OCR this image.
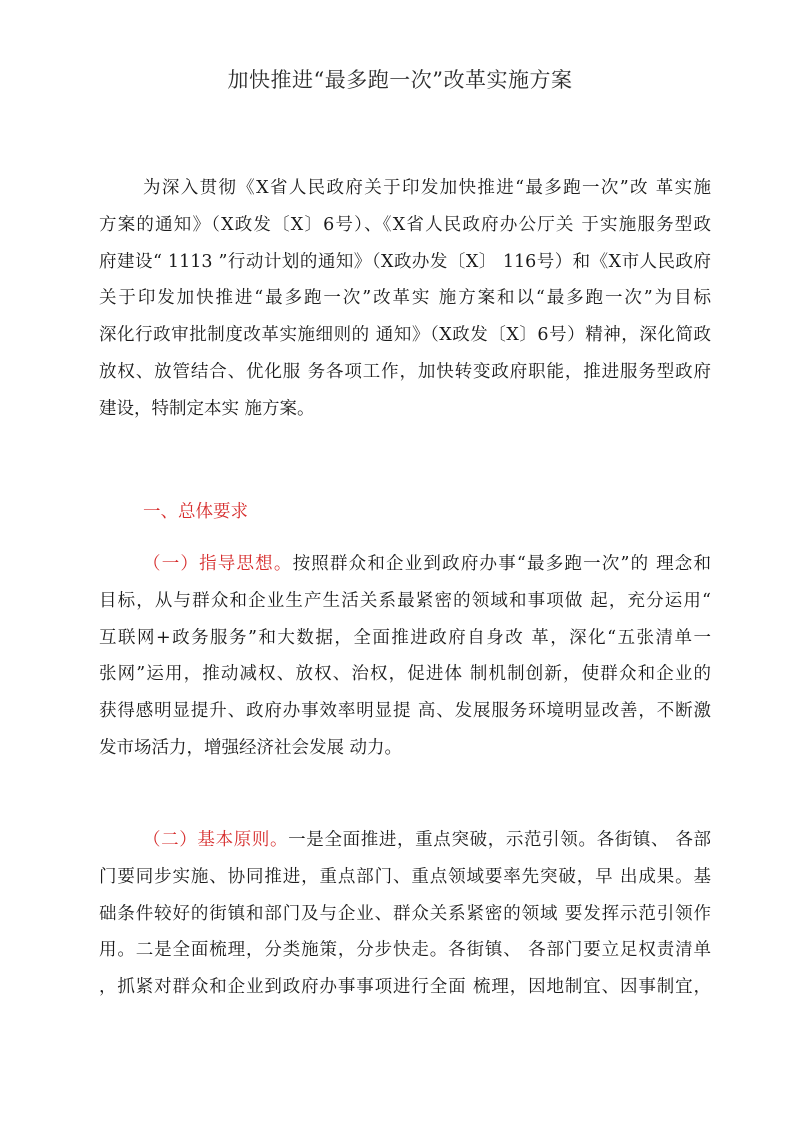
加快推进“最多跑一次”改革实施方案
为深入贯彻《X省人民政府关于印发加快推进“最多跑一次”改 革实施
方案的通知》（X政发〔X〕6号）、《X省人民政府办公厅关 于实施服务型政
府建设“ 1113 ”行动计划的通知》（X政办发〔X〕 116号）和《X市人民政府
关于印发加快推进“最多跑一次”改革实 施方案和以“最多跑一次”为目标
深化行政审批制度改革实施细则的 通知》（X政发〔X〕6号）精神，深化简政
放权、放管结合、优化服 务各项工作，加快转变政府职能，推进服务型政府
建设，特制定本实 施方案。
一、总体要求
（一）指导思想。按照群众和企业到政府办事“最多跑一次”的 理念和
目标，从与群众和企业生产生活关系最紧密的领域和事项做 起，充分运用“
互联网+政务服务”和大数据，全面推进政府自身改 革，深化“五张清单一
张网”运用，推动减权、放权、治权，促进体 制机制创新，使群众和企业的
获得感明显提升、政府办事效率明显提 高、发展服务环境明显改善，不断激
发市场活力，增强经济社会发展 动力。
（二）基本原则。一是全面推进，重点突破，示范引领。各街镇、 各部
门要同步实施、协同推进，重点部门、重点领域要率先突破，早 出成果。基
础条件较好的街镇和部门及与企业、群众关系紧密的领域 要发挥示范引领作
用。二是全面梳理，分类施策，分步快走。各街镇、 各部门要立足权责清单
，抓紧对群众和企业到政府办事事项进行全面 梳理，因地制宜、因事制宜，
